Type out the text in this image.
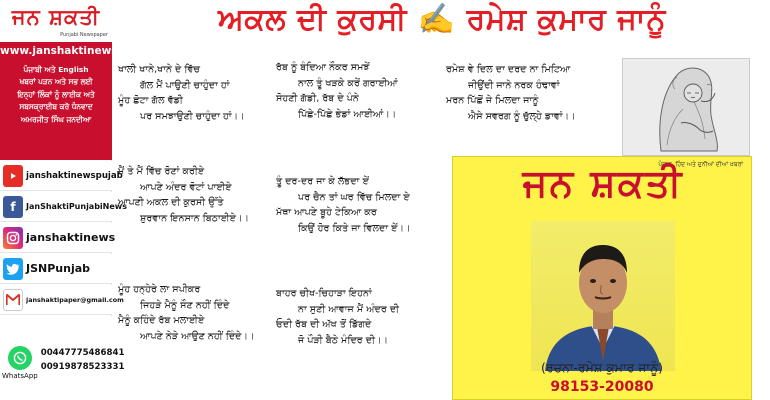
ਅਕਲ ਦੀ ਕੁਰਸੀ ✍️ ਰਮੇਸ਼ ਕੁਮਾਰ ਜਾਨੂੰ
ਜਨ ਸ਼ਕਤੀ
Punjabi Newspaper
www.janshaktinews.com
ਪੰਜਾਬੀ ਅਤੇ English
ਖਬਰਾਂ ਪੜਨ ਅਤੇ ਸਭ ਲਈ
ਇਨ੍ਹਾਂ ਲਿੰਕਾਂ ਨੂੰ ਲਾਈਕ ਅਤੇ
ਸਬਸਕ੍ਰਾਈਬ ਕਰੋ ਧੰਨਵਾਦ
ਅਮਰਜੀਤ ਸਿੰਘ ਜਨਦੀਆ
janshaktinewspujab
f	JanShaktiPunjabiNews
janshaktinews
JSNPunjab
janshaktipaper@gmail.com
WhatsApp
00447775486841
00919878523331
ਖਾਲੀ ਖਾਨੇ,ਖਾਨੇ ਦੇ ਵਿੱਚ
ਗੱਲ ਮੈਂ ਪਾਉਣੀ ਚਾਹੁੰਦਾ ਹਾਂ
ਮੂੰਹ ਛੋਟਾ ਗੱਲ ਵੱਡੀ
ਪਰ ਸਮਝਾਉਣੀ ਚਾਹੁੰਦਾ ਹਾਂ।।
ਮੈਂ ਤੇ ਮੈਂ ਵਿੱਚ ਰੋਣਾਂ ਕਰੀਏ
ਆਪਣੇ ਅੰਦਰ ਵੋਟਾਂ ਪਾਈਏ
ਆਪਣੀ ਅਕਲ ਦੀ ਕੁਰਸੀ ਉੱਤੇ
ਸ਼ੁਰਵਾਨ ਇਨਸਾਨ ਬਿਠਾਈਏ।।
ਮੂੰਹ ਹਨ੍ਹੇਰੇ ਲਾ ਸਪੀਕਰ
ਜਿਹੜੇ ਮੈਨੂੰ ਸੌਣ ਨਹੀਂ ਦਿੰਦੇ
ਮੈਨੂੰ ਕਹਿੰਦੇ ਰੱਬ ਮਲਾਈਏ
ਆਪਣੇ ਨੇੜੇ ਆਉਣ ਨਹੀਂ ਦਿੰਦੇ।।
ਰੱਬ ਨੂੰ ਬੰਦਿਆ ਨੌਕਰ ਸਮਝੇਂ
ਨਾਲ ਤੂੰ ਖੜਕੇ ਕਰੇਂ ਗਰਾਈਆਂ
ਸੋਹਣੀ ਗੱਡੀ, ਰੱਬ ਦੇ ਪੰਨੇ
ਪਿੱਛੇ-ਪਿੱਛੇ ਭੇਡਾਂ ਆਈਆਂ।।
ਤੂੰ ਦਰ-ਦਰ ਜਾ ਕੇ ਲੱਭਦਾ ਏਂ
ਪਰ ਚੈਨ ਤਾਂ ਘਰ ਵਿੱਚ ਮਿਲਦਾ ਏ
ਮੱਥਾ ਆਪਣੇ ਬੂਹੇ ਟੇਕਿਆ ਕਰ
ਕਿਉਂ ਹੋਰ ਕਿਤੇ ਜਾ ਵਿਲਦਾ ਏਂ।।
ਬਾਹਰ ਚੀਖ-ਚਿਹਾੜਾ ਇਹਨਾਂ
ਨਾ ਸੁਣੀ ਆਵਾਜ ਮੈਂ ਅੰਦਰ ਦੀ
ਓਦੀ ਰੱਬ ਦੀ ਅੱਖ ਤੋਂ ਡਿੱਗਦੇ
ਜੋ ਪੌੜੀ ਬੈਠੇ ਮੰਦਿਰ ਦੀ।।
ਰਮੇਸ਼ ਵੇ ਦਿਲ ਦਾ ਦਰਦ ਨਾ ਮਿਟਿਆ
ਜੀਉਂਦੀ ਜਾਨੇ ਨਰਕ ਹੰਢਾਵਾਂ
ਮਰਨ ਪਿੱਛੋਂ ਜੇ ਮਿਲਦਾ ਜਾਨੂੰ
ਐਸੇ ਸਵਰਗ ਨੂੰ ਚੁੱਲ੍ਹੇ ਡਾਵਾਂ।।
ਪੰਜਾਬ, ਹਿੰਦ ਅਤੇ ਦੁਨੀਆਂ ਦੀਆਂ ਖ਼ਬਰਾਂ
ਜਨ ਸ਼ਕਤੀ
(ਰਚਨਾ-ਰਮੇਸ਼ ਕੁਮਾਰ ਜਾਨੂੰ)
98153-20080
